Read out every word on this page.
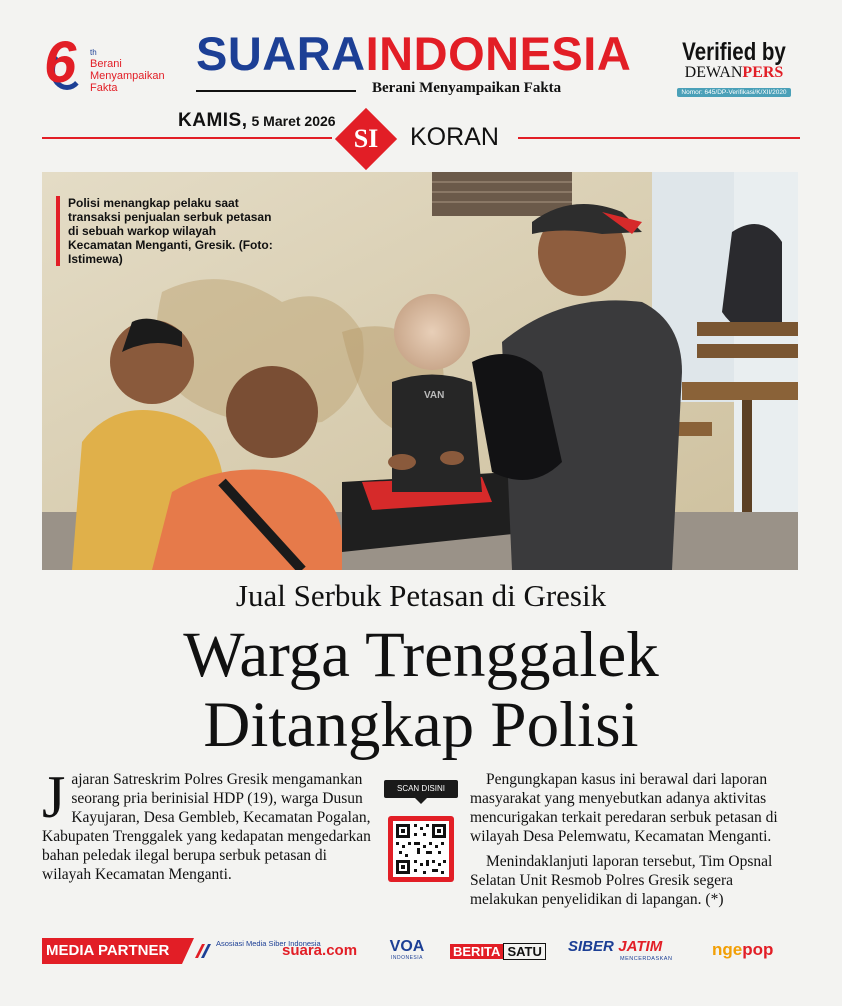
6 th
Berani Menyampaikan Fakta
SUARAINDONESIA
Berani Menyampaikan Fakta
Verified by
DEWANPERS
Nomor: 645/DP-Verifikasi/K/XII/2020
KAMIS, 5 Maret 2026
SI	KORAN
VAN
Polisi menangkap pelaku saat transaksi penjualan serbuk petasan di sebuah warkop wilayah Kecamatan Menganti, Gresik. (Foto: Istimewa)
Jual Serbuk Petasan di Gresik
Warga Trenggalek
Ditangkap Polisi
Jajaran Satreskrim Polres Gresik mengamankan seorang pria berinisial HDP (19), warga Dusun Kayujaran, Desa Gembleb, Kecamatan Pogalan, Kabupaten Trenggalek yang kedapatan mengedarkan bahan peledak ilegal berupa serbuk petasan di wilayah Kecamatan Menganti.
SCAN DISINI

Pengungkapan kasus ini berawal dari laporan masyarakat yang menyebutkan adanya aktivitas mencurigakan terkait peredaran serbuk petasan di wilayah Desa Pelemwatu, Kecamatan Menganti.

Menindaklanjuti laporan tersebut, Tim Opsnal Selatan Unit Resmob Polres Gresik segera melakukan penyelidikan di lapangan. (*)

MEDIA PARTNER	Asosiasi Media Siber Indonesia
suara.com VOA
INDONESIA	BERITA SATU SIBER JATIM
MENCERDASKAN ngepop
